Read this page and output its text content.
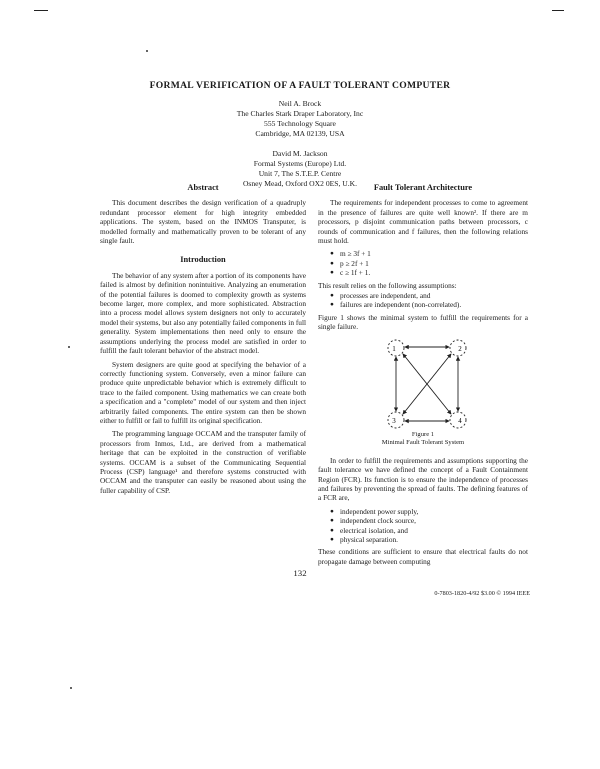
FORMAL VERIFICATION OF A FAULT TOLERANT COMPUTER
Neil A. Brock
The Charles Stark Draper Laboratory, Inc
555 Technology Square
Cambridge, MA 02139, USA
David M. Jackson
Formal Systems (Europe) Ltd.
Unit 7, The S.T.E.P. Centre
Osney Mead, Oxford OX2 0ES, U.K.
Abstract

This document describes the design verification of a quadruply redundant processor element for high integrity embedded applications. The system, based on the INMOS Transputer, is modelled formally and mathematically proven to be tolerant of any single fault.

Introduction

The behavior of any system after a portion of its components have failed is almost by definition nonintuitive. Analyzing an enumeration of the potential failures is doomed to complexity growth as systems become larger, more complex, and more sophisticated. Abstraction into a process model allows system designers not only to accurately model their systems, but also any potentially failed components in full generality. System implementations then need only to ensure the assumptions underlying the process model are satisfied in order to fulfill the fault tolerant behavior of the abstract model.

System designers are quite good at specifying the behavior of a correctly functioning system. Conversely, even a minor failure can produce quite unpredictable behavior which is extremely difficult to trace to the failed component. Using mathematics we can create both a specification and a "complete" model of our system and then inject arbitrarily failed components. The entire system can then be shown either to fulfill or fail to fulfill its original specification.

The programming language OCCAM and the transputer family of processors from Inmos, Ltd., are derived from a mathematical heritage that can be exploited in the construction of verifiable systems. OCCAM is a subset of the Communicating Sequential Process (CSP) language¹ and therefore systems constructed with OCCAM and the transputer can easily be reasoned about using the fuller capability of CSP.

Fault Tolerant Architecture

The requirements for independent processes to come to agreement in the presence of failures are quite well known². If there are m processors, p disjoint communication paths between processors, c rounds of communication and f failures, then the following relations must hold.

● m ≥ 3f + 1
● p ≥ 2f + 1
● c ≥ 1f + 1.

This result relies on the following assumptions:

● processes are independent, and
● failures are independent (non-correlated).

Figure 1 shows the minimal system to fulfill the requirements for a single failure.

1	2
3	4
Figure 1
Minimal Fault Tolerant System

In order to fulfill the requirements and assumptions supporting the fault tolerance we have defined the concept of a Fault Containment Region (FCR). Its function is to ensure the independence of processes and failures by preventing the spread of faults. The defining features of a FCR are,

● independent power supply,
● independent clock source,
● electrical isolation, and
● physical separation.

These conditions are sufficient to ensure that electrical faults do not propagate damage between computing

132
0-7803-1820-4/92 $3.00 © 1994 IEEE
